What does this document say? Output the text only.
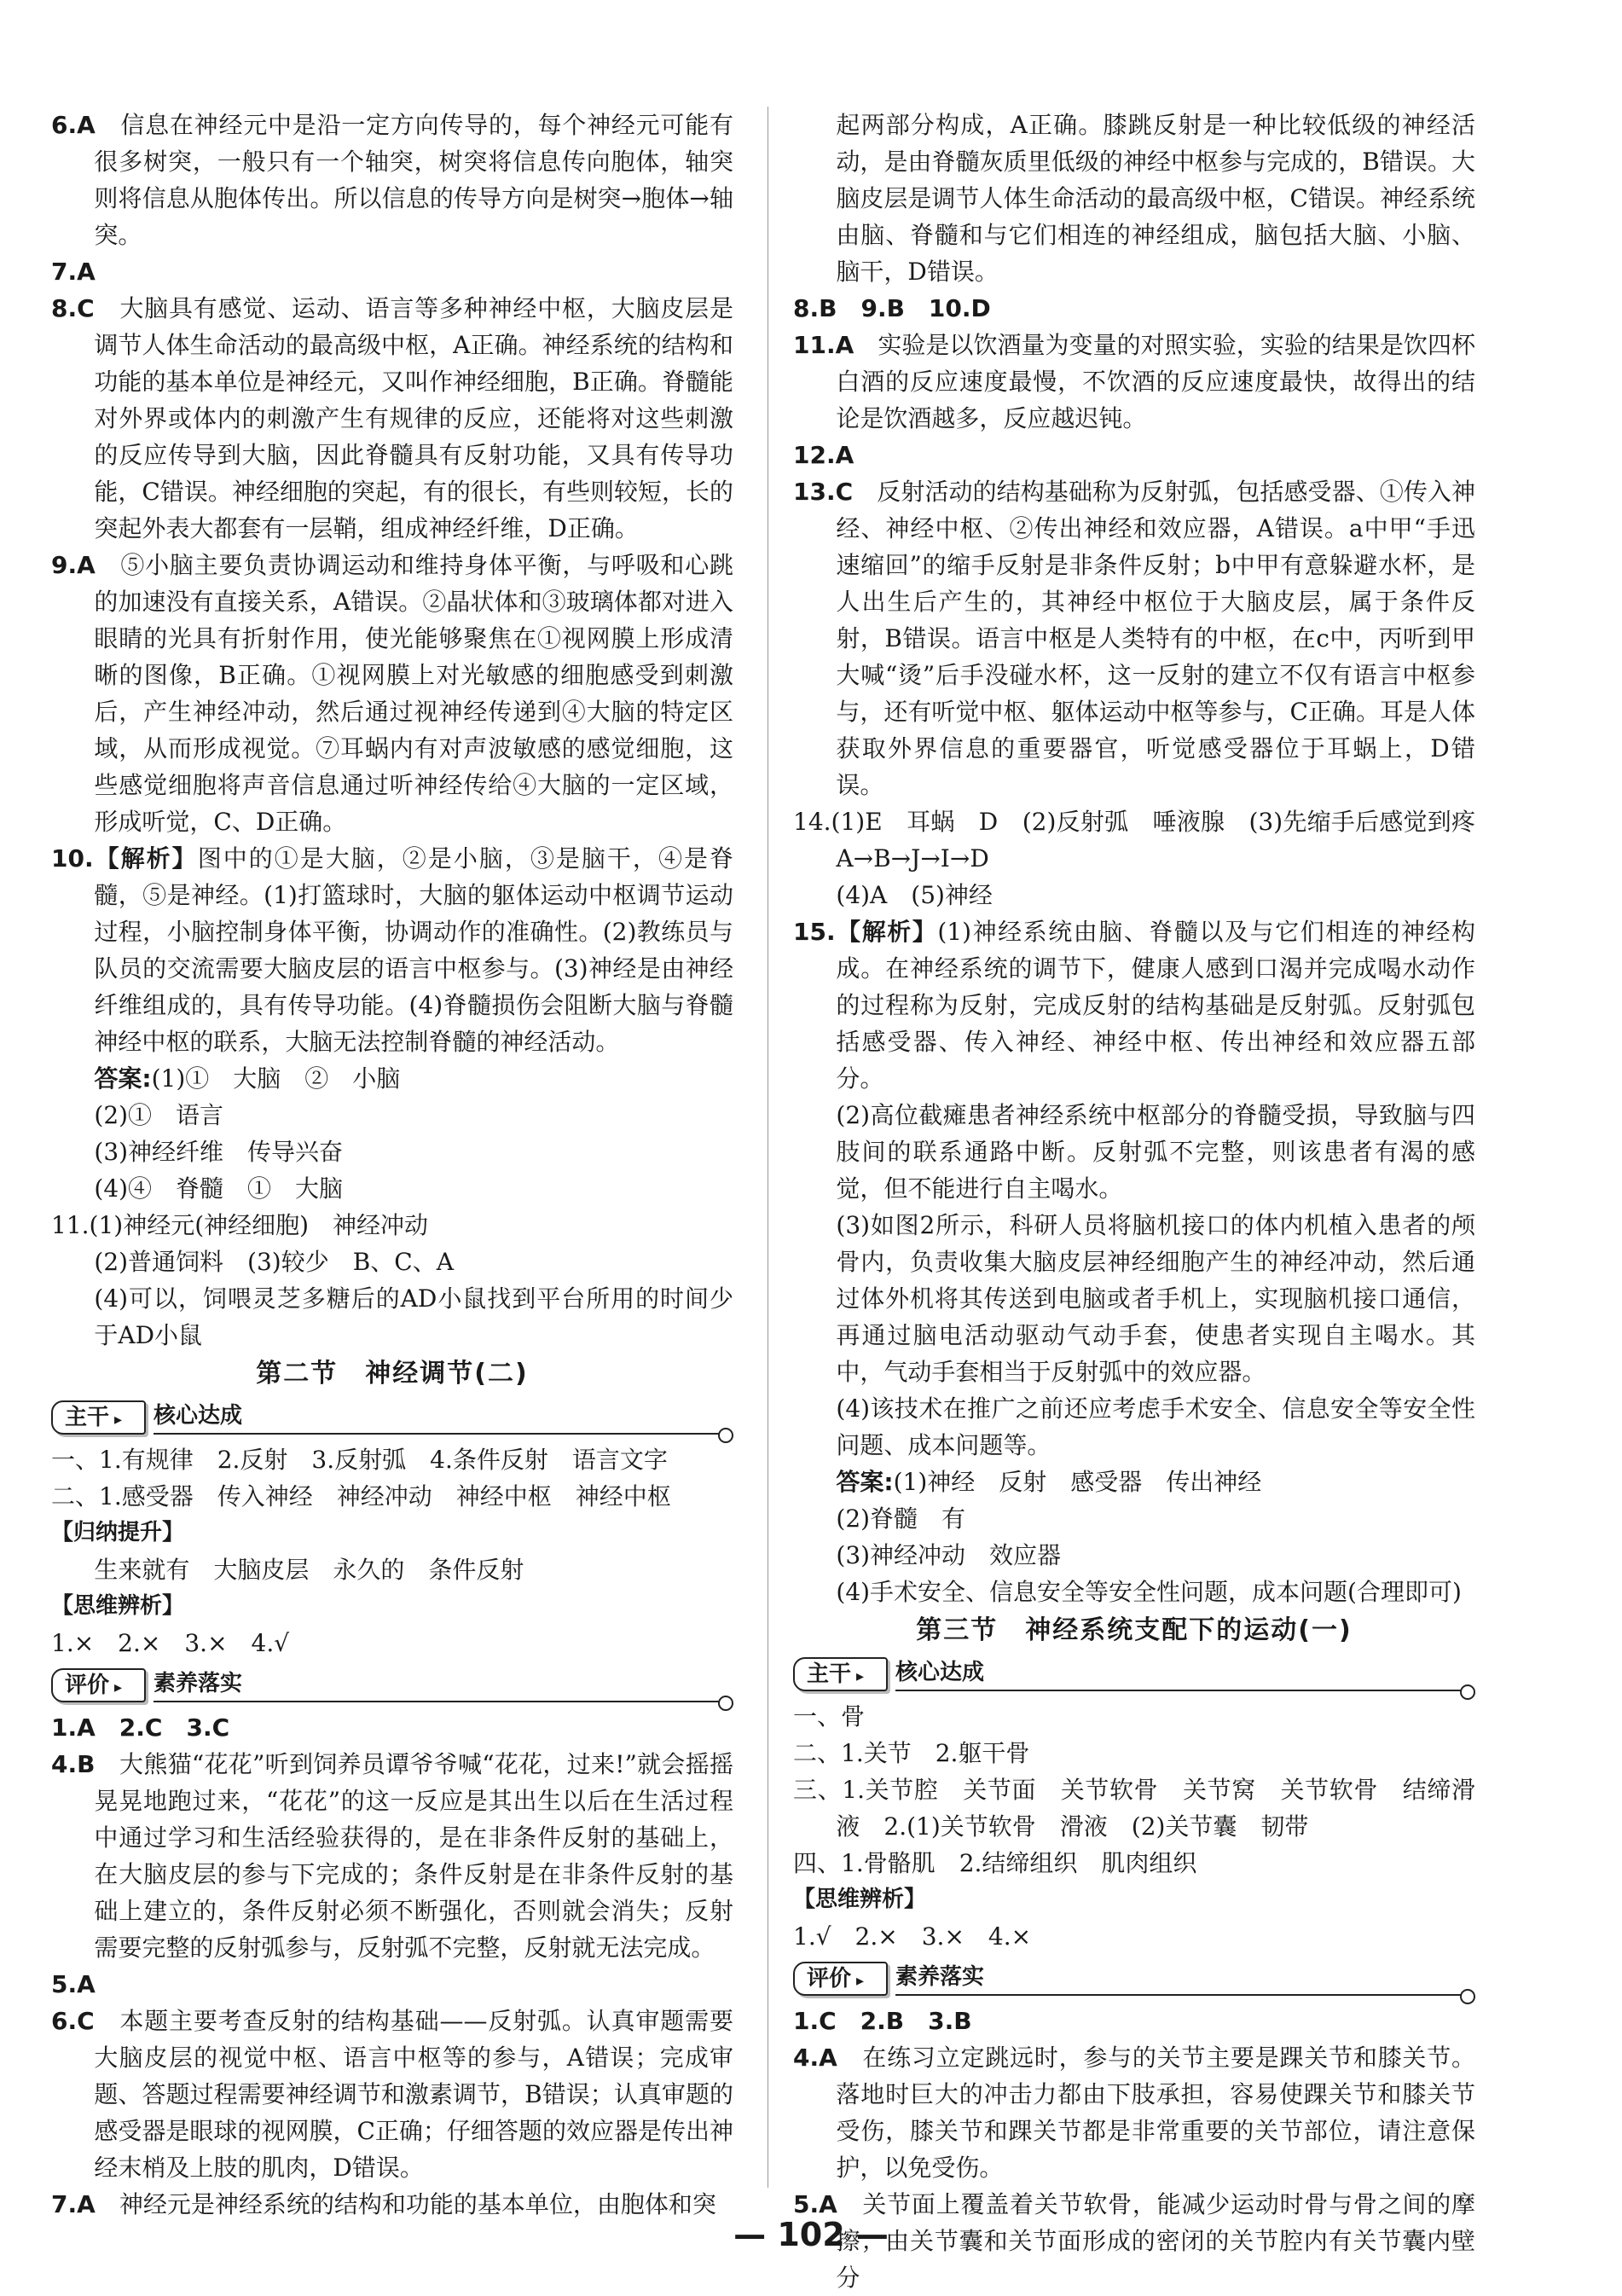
6.A　 信息在神经元中是沿一定方向传导的，每个神经元可能有很多树突，一般只有一个轴突，树突将信息传向胞体，轴突则将信息从胞体传出。所以信息的传导方向是树突→胞体→轴突。

7.A

8.C　 大脑具有感觉、运动、语言等多种神经中枢，大脑皮层是调节人体生命活动的最高级中枢，A正确。神经系统的结构和功能的基本单位是神经元，又叫作神经细胞，B正确。脊髓能对外界或体内的刺激产生有规律的反应，还能将对这些刺激的反应传导到大脑，因此脊髓具有反射功能，又具有传导功能，C错误。神经细胞的突起，有的很长，有些则较短，长的突起外表大都套有一层鞘，组成神经纤维，D正确。

9.A　 ⑤小脑主要负责协调运动和维持身体平衡，与呼吸和心跳的加速没有直接关系，A错误。②晶状体和③玻璃体都对进入眼睛的光具有折射作用，使光能够聚焦在①视网膜上形成清晰的图像，B正确。①视网膜上对光敏感的细胞感受到刺激后，产生神经冲动，然后通过视神经传递到④大脑的特定区域，从而形成视觉。⑦耳蜗内有对声波敏感的感觉细胞，这些感觉细胞将声音信息通过听神经传给④大脑的一定区域，形成听觉，C、D正确。

10.【解析】图中的①是大脑，②是小脑，③是脑干，④是脊髓，⑤是神经。(1)打篮球时，大脑的躯体运动中枢调节运动过程，小脑控制身体平衡，协调动作的准确性。(2)教练员与队员的交流需要大脑皮层的语言中枢参与。(3)神经是由神经纤维组成的，具有传导功能。(4)脊髓损伤会阻断大脑与脊髓神经中枢的联系，大脑无法控制脊髓的神经活动。

答案:(1)①　大脑　②　小脑

(2)①　语言

(3)神经纤维　传导兴奋

(4)④　脊髓　①　大脑

11.(1)神经元(神经细胞)　神经冲动

(2)普通饲料　(3)较少　B、C、A

(4)可以，饲喂灵芝多糖后的AD小鼠找到平台所用的时间少于AD小鼠

第二节　神经调节(二)
主干 ▸	核心达成

一、1.有规律　2.反射　3.反射弧　4.条件反射　语言文字

二、1.感受器　传入神经　神经冲动　神经中枢　神经中枢

【归纳提升】

生来就有　大脑皮层　永久的　条件反射

【思维辨析】

1.×　2.×　3.×　4.√

评价 ▸	素养落实

1.A　2.C　3.C

4.B　 大熊猫“花花”听到饲养员谭爷爷喊“花花，过来!”就会摇摇晃晃地跑过来，“花花”的这一反应是其出生以后在生活过程中通过学习和生活经验获得的，是在非条件反射的基础上，在大脑皮层的参与下完成的；条件反射是在非条件反射的基础上建立的，条件反射必须不断强化，否则就会消失；反射需要完整的反射弧参与，反射弧不完整，反射就无法完成。

5.A

6.C　 本题主要考查反射的结构基础——反射弧。认真审题需要大脑皮层的视觉中枢、语言中枢等的参与，A错误；完成审题、答题过程需要神经调节和激素调节，B错误；认真审题的感受器是眼球的视网膜，C正确；仔细答题的效应器是传出神经末梢及上肢的肌肉，D错误。

7.A　 神经元是神经系统的结构和功能的基本单位，由胞体和突

起两部分构成，A正确。膝跳反射是一种比较低级的神经活动，是由脊髓灰质里低级的神经中枢参与完成的，B错误。大脑皮层是调节人体生命活动的最高级中枢，C错误。神经系统由脑、脊髓和与它们相连的神经组成，脑包括大脑、小脑、脑干，D错误。

8.B　9.B　10.D

11.A　 实验是以饮酒量为变量的对照实验，实验的结果是饮四杯白酒的反应速度最慢，不饮酒的反应速度最快，故得出的结论是饮酒越多，反应越迟钝。

12.A

13.C　 反射活动的结构基础称为反射弧，包括感受器、①传入神经、神经中枢、②传出神经和效应器，A错误。a中甲“手迅速缩回”的缩手反射是非条件反射；b中甲有意躲避水杯，是人出生后产生的，其神经中枢位于大脑皮层，属于条件反射，B错误。语言中枢是人类特有的中枢，在c中，丙听到甲大喊“烫”后手没碰水杯，这一反射的建立不仅有语言中枢参与，还有听觉中枢、躯体运动中枢等参与，C正确。耳是人体获取外界信息的重要器官，听觉感受器位于耳蜗上，D错误。

14.(1)E　耳蜗　D　(2)反射弧　唾液腺　(3)先缩手后感觉到疼　A→B→J→I→D

(4)A　(5)神经

15.【解析】(1)神经系统由脑、脊髓以及与它们相连的神经构成。在神经系统的调节下，健康人感到口渴并完成喝水动作的过程称为反射，完成反射的结构基础是反射弧。反射弧包括感受器、传入神经、神经中枢、传出神经和效应器五部分。

(2)高位截瘫患者神经系统中枢部分的脊髓受损，导致脑与四肢间的联系通路中断。反射弧不完整，则该患者有渴的感觉，但不能进行自主喝水。

(3)如图2所示，科研人员将脑机接口的体内机植入患者的颅骨内，负责收集大脑皮层神经细胞产生的神经冲动，然后通过体外机将其传送到电脑或者手机上，实现脑机接口通信，再通过脑电活动驱动气动手套，使患者实现自主喝水。其中，气动手套相当于反射弧中的效应器。

(4)该技术在推广之前还应考虑手术安全、信息安全等安全性问题、成本问题等。

答案:(1)神经　反射　感受器　传出神经

(2)脊髓　有

(3)神经冲动　效应器

(4)手术安全、信息安全等安全性问题，成本问题(合理即可)

第三节　神经系统支配下的运动(一)
主干 ▸	核心达成

一、骨

二、1.关节　2.躯干骨

三、1.关节腔　关节面　关节软骨　关节窝　关节软骨　结缔滑液　2.(1)关节软骨　滑液　(2)关节囊　韧带

四、1.骨骼肌　2.结缔组织　肌肉组织

【思维辨析】

1.√　2.×　3.×　4.×

评价 ▸	素养落实

1.C　2.B　3.B

4.A　 在练习立定跳远时，参与的关节主要是踝关节和膝关节。落地时巨大的冲击力都由下肢承担，容易使踝关节和膝关节受伤，膝关节和踝关节都是非常重要的关节部位，请注意保护，以免受伤。

5.A　 关节面上覆盖着关节软骨，能减少运动时骨与骨之间的摩擦；由关节囊和关节面形成的密闭的关节腔内有关节囊内壁分

— 102 —
